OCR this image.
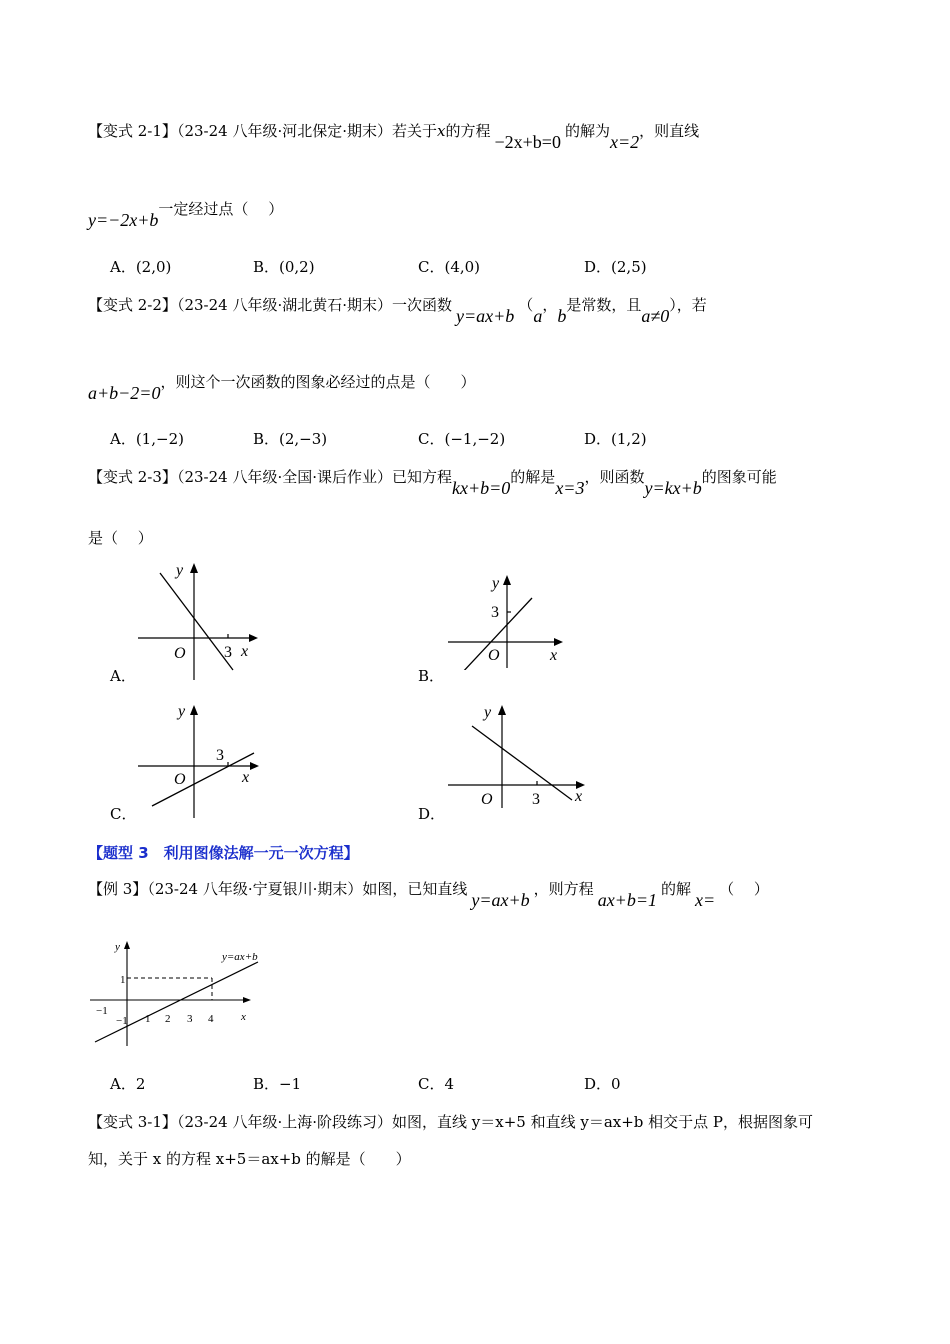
【变式 2-1】（23-24 八年级·河北保定·期末）若关于x的方程−2x+b=0的解为x=2，则直线
y=−2x+b一定经过点（　 ）
A．(2,0)	B．(0,2)	C．(4,0)	D．(2,5)
【变式 2-2】（23-24 八年级·湖北黄石·期末）一次函数y=ax+b（a，b是常数，且a≠0），若
a+b−2=0，则这个一次函数的图象必经过的点是（　　）
A．(1,−2)	B．(2,−3)	C．(−1,−2)	D．(1,2)
【变式 2-3】（23-24 八年级·全国·课后作业）已知方程kx+b=0的解是x=3，则函数y=kx+b的图象可能
是（　 ）
A．
y
O 3 x
B．
y
3
O	x
C．
y
3
O	x
D．
y
O 3 x
【题型 3　利用图像法解一元一次方程】
【例 3】（23-24 八年级·宁夏银川·期末）如图，已知直线y=ax+b，则方程ax+b=1的解x=（　 ）
y
x
y=ax+b
1
−1
−1
1 2 3 4
A．2	B．−1	C．4	D．0
【变式 3-1】（23-24 八年级·上海·阶段练习）如图，直线 y＝x+5 和直线 y＝ax+b 相交于点 P，根据图象可
知，关于 x 的方程 x+5＝ax+b 的解是（　　）
